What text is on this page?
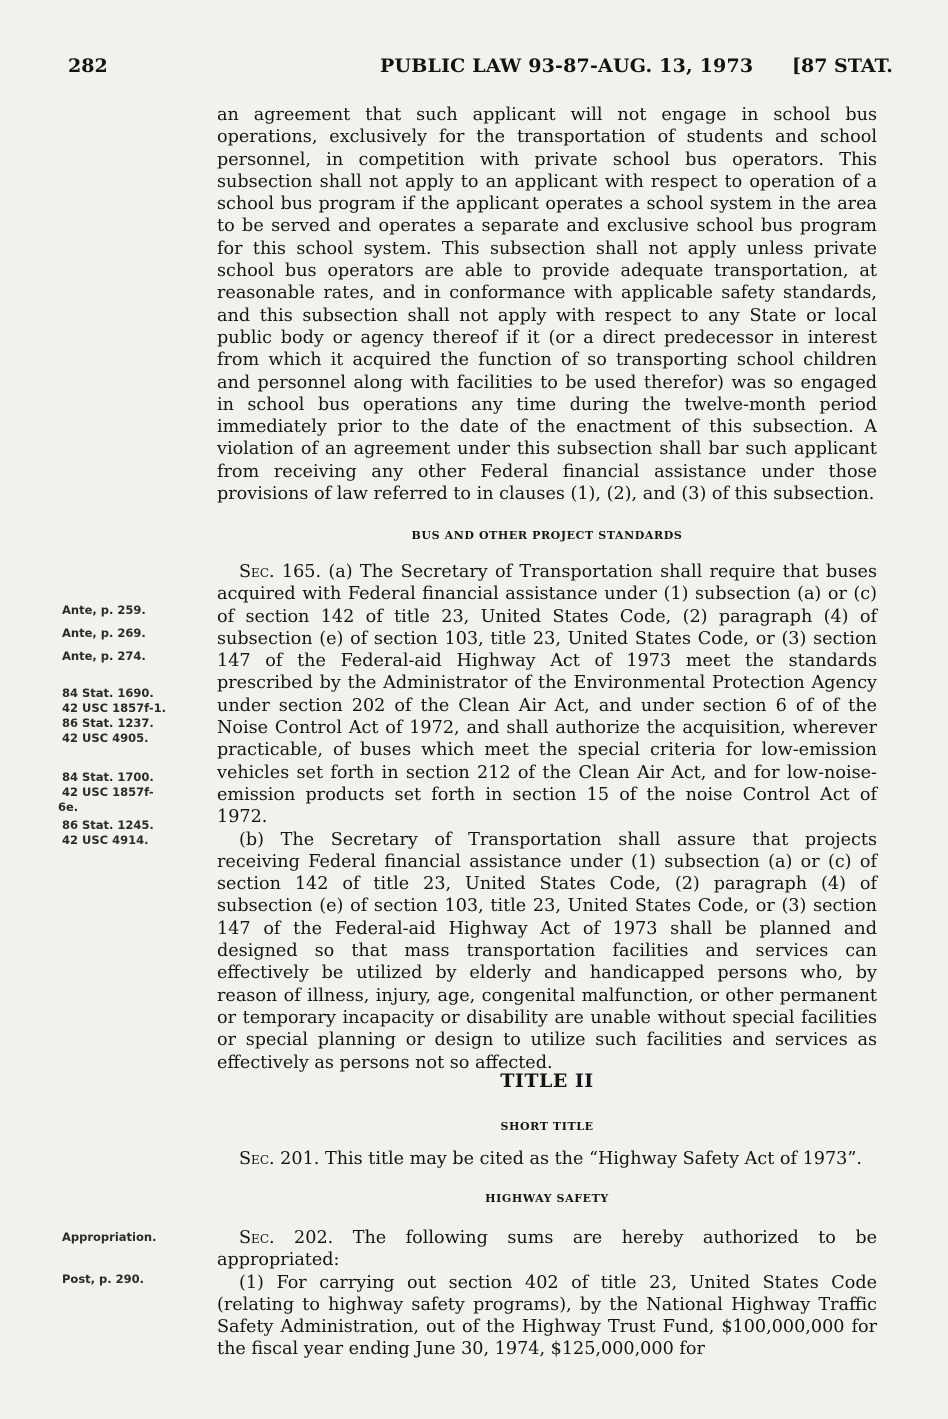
282	PUBLIC LAW 93-87-AUG. 13, 1973 [87 STAT.

an agreement that such applicant will not engage in school bus operations, exclusively for the transportation of students and school personnel, in competition with private school bus operators. This subsection shall not apply to an applicant with respect to operation of a school bus program if the applicant operates a school system in the area to be served and operates a separate and exclusive school bus program for this school system. This subsection shall not apply unless private school bus operators are able to provide adequate transportation, at reasonable rates, and in conformance with applicable safety standards, and this subsection shall not apply with respect to any State or local public body or agency thereof if it (or a direct predecessor in interest from which it acquired the function of so transporting school children and personnel along with facilities to be used therefor) was so engaged in school bus operations any time during the twelve-month period immediately prior to the date of the enactment of this subsection. A violation of an agreement under this subsection shall bar such applicant from receiving any other Federal financial assistance under those provisions of law referred to in clauses (1), (2), and (3) of this subsection.

BUS AND OTHER PROJECT STANDARDS

Sec. 165. (a) The Secretary of Transportation shall require that buses acquired with Federal financial assistance under (1) subsection (a) or (c) of section 142 of title 23, United States Code, (2) paragraph (4) of subsection (e) of section 103, title 23, United States Code, or (3) section 147 of the Federal-aid Highway Act of 1973 meet the standards prescribed by the Administrator of the Environmental Protection Agency under section 202 of the Clean Air Act, and under section 6 of of the Noise Control Act of 1972, and shall authorize the acquisition, wherever practicable, of buses which meet the special criteria for low-emission vehicles set forth in section 212 of the Clean Air Act, and for low-noise-emission products set forth in section 15 of the noise Control Act of 1972.

(b) The Secretary of Transportation shall assure that projects receiving Federal financial assistance under (1) subsection (a) or (c) of section 142 of title 23, United States Code, (2) paragraph (4) of subsection (e) of section 103, title 23, United States Code, or (3) section 147 of the Federal-aid Highway Act of 1973 shall be planned and designed so that mass transportation facilities and services can effectively be utilized by elderly and handicapped persons who, by reason of illness, injury, age, congenital malfunction, or other permanent or temporary incapacity or disability are unable without special facilities or special planning or design to utilize such facilities and services as effectively as persons not so affected.

TITLE II
SHORT TITLE

Sec. 201. This title may be cited as the “Highway Safety Act of 1973”.

HIGHWAY SAFETY

Sec. 202. The following sums are hereby authorized to be appropriated:

(1) For carrying out section 402 of title 23, United States Code (relating to highway safety programs), by the National Highway Traffic Safety Administration, out of the Highway Trust Fund, $100,000,000 for the fiscal year ending June 30, 1974, $125,000,000 for

Ante, p. 259.
Ante, p. 269.
Ante, p. 274.
84 Stat. 1690.
42 USC 1857f-1.
86 Stat. 1237.
42 USC 4905.
84 Stat. 1700.
42 USC 1857f-
6e.
86 Stat. 1245.
42 USC 4914.
Appropriation.
Post, p. 290.
